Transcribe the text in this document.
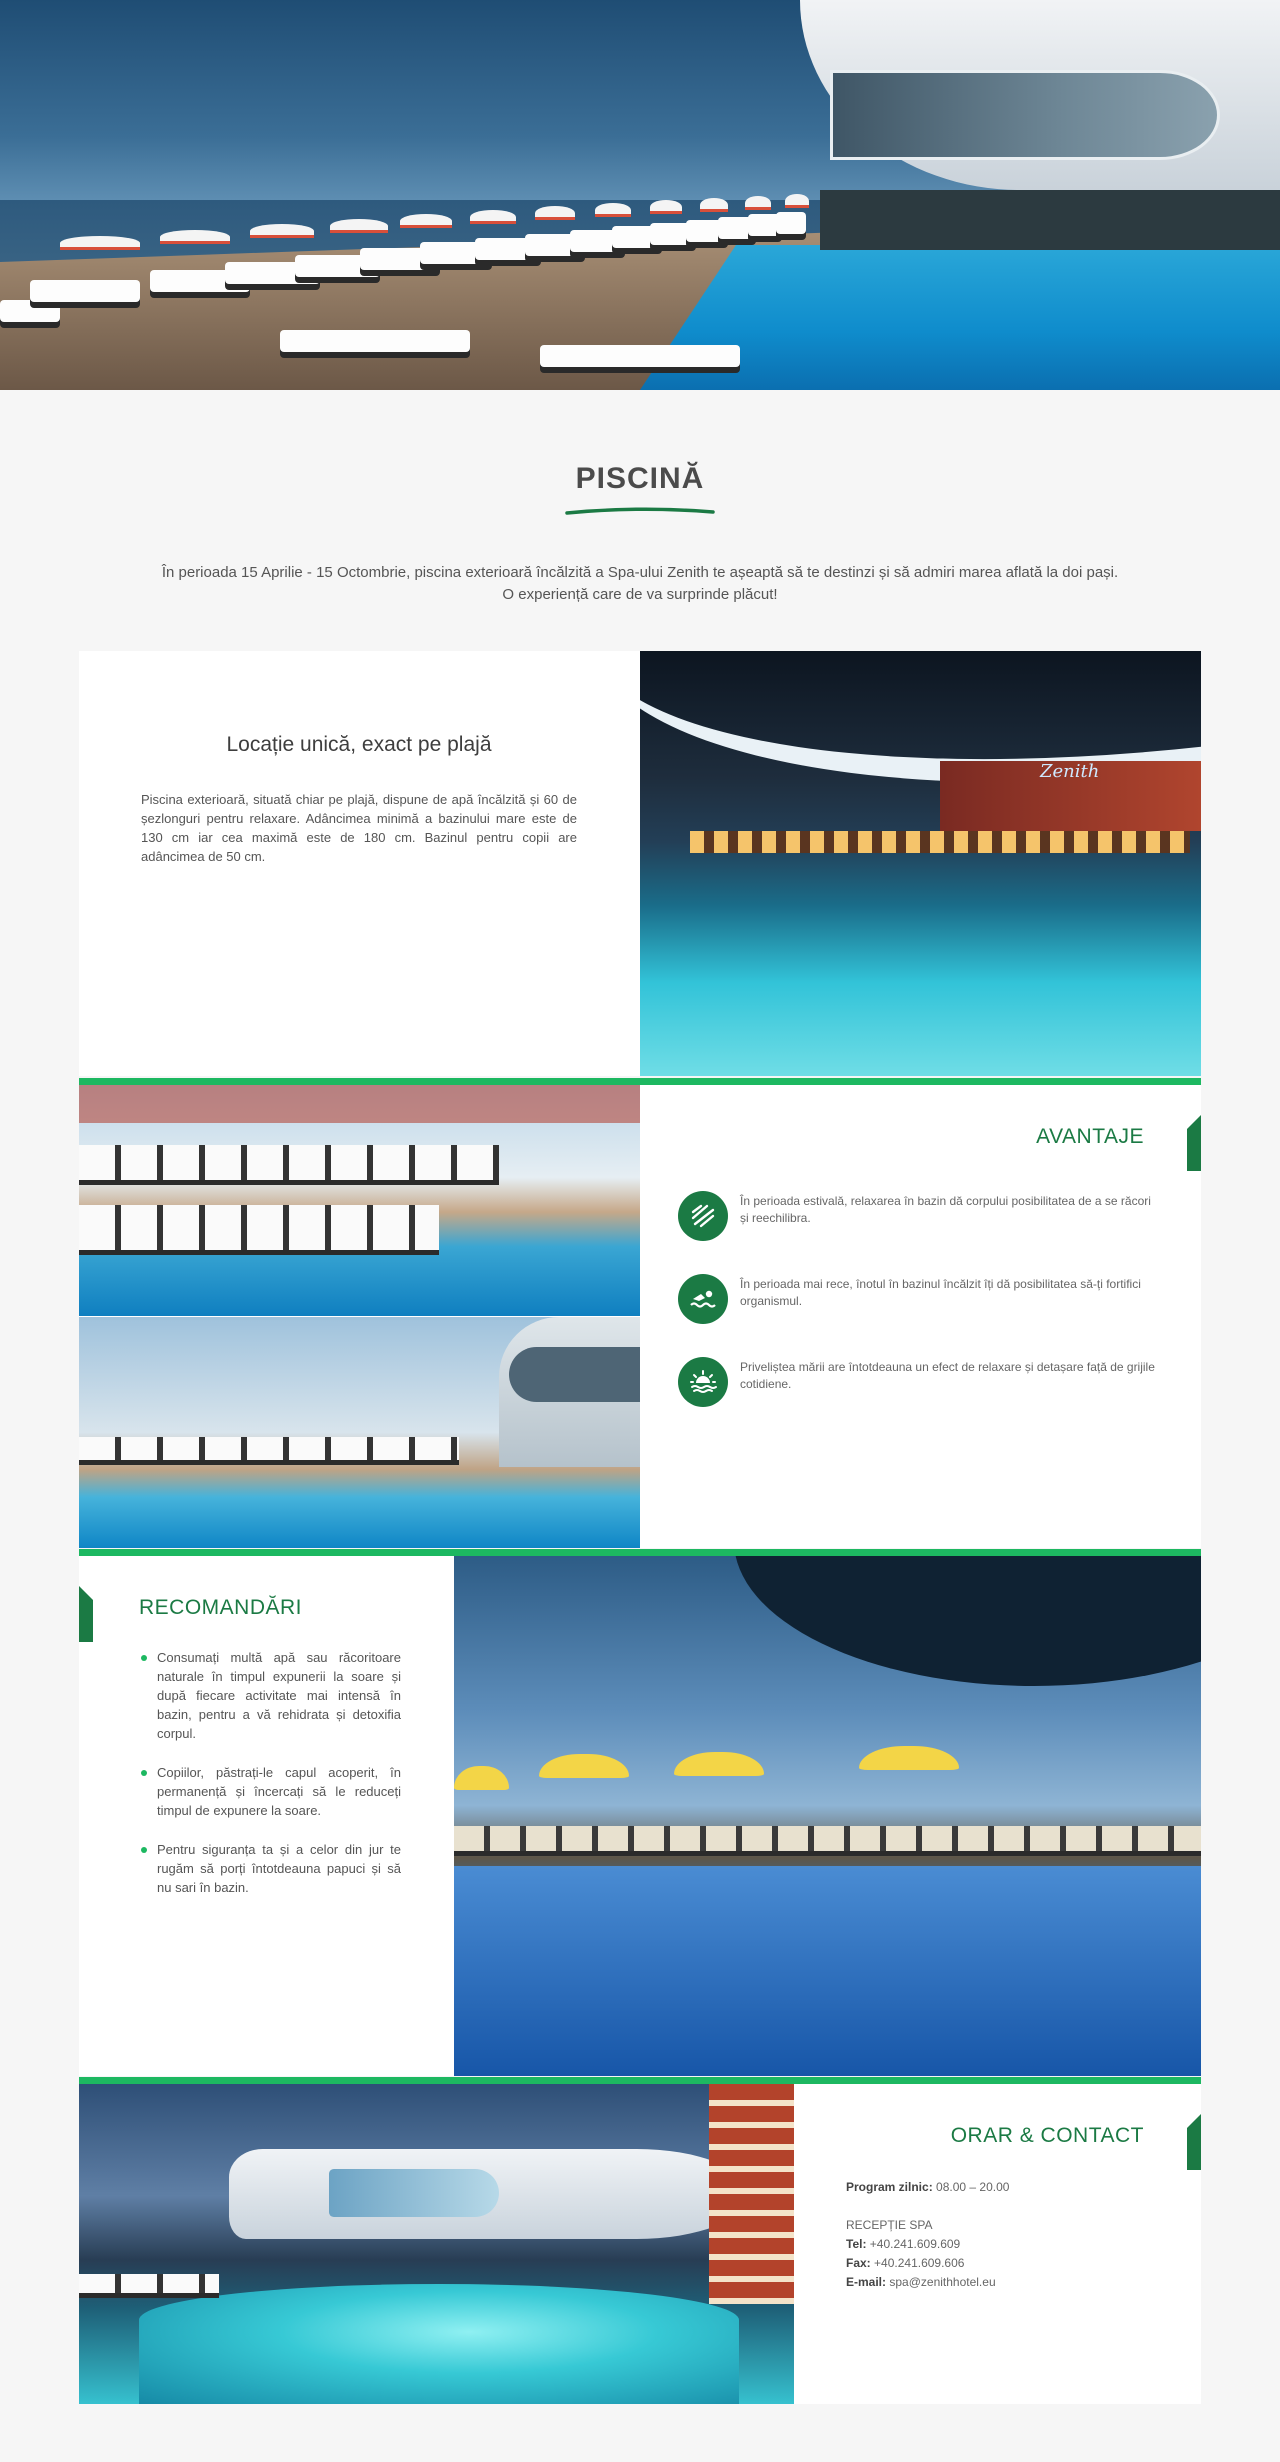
PISCINĂ
În perioada 15 Aprilie - 15 Octombrie, piscina exterioară încălzită a Spa-ului Zenith te așeaptă să te destinzi și să admiri marea aflată la doi pași.
O experiență care de va surprinde plăcut!
Locație unică, exact pe plajă

Piscina exterioară, situată chiar pe plajă, dispune de apă încălzită și 60 de șezlonguri pentru relaxare. Adâncimea minimă a bazinului mare este de 130 cm iar cea maximă este de 180 cm. Bazinul pentru copii are adâncimea de 50 cm.

Zenith
AVANTAJE
În perioada estivală, relaxarea în bazin dă corpului posibilitatea de a se răcori și reechilibra.
În perioada mai rece, înotul în bazinul încălzit îți dă posibilitatea să-ți fortifici organismul.
Priveliștea mării are întotdeauna un efect de relaxare și detașare față de grijile cotidiene.
RECOMANDĂRI
Consumați multă apă sau răcoritoare naturale în timpul expunerii la soare și după fiecare activitate mai intensă în bazin, pentru a vă rehidrata și detoxifia corpul.
Copiilor, păstrați-le capul acoperit, în permanență și încercați să le reduceți timpul de expunere la soare.
Pentru siguranța ta și a celor din jur te rugăm să porți întotdeauna papuci și să nu sari în bazin.
ORAR & CONTACT

Program zilnic: 08.00 – 20.00

RECEPȚIE SPA

Tel: +40.241.609.609

Fax: +40.241.609.606

E-mail: spa@zenithhotel.eu
